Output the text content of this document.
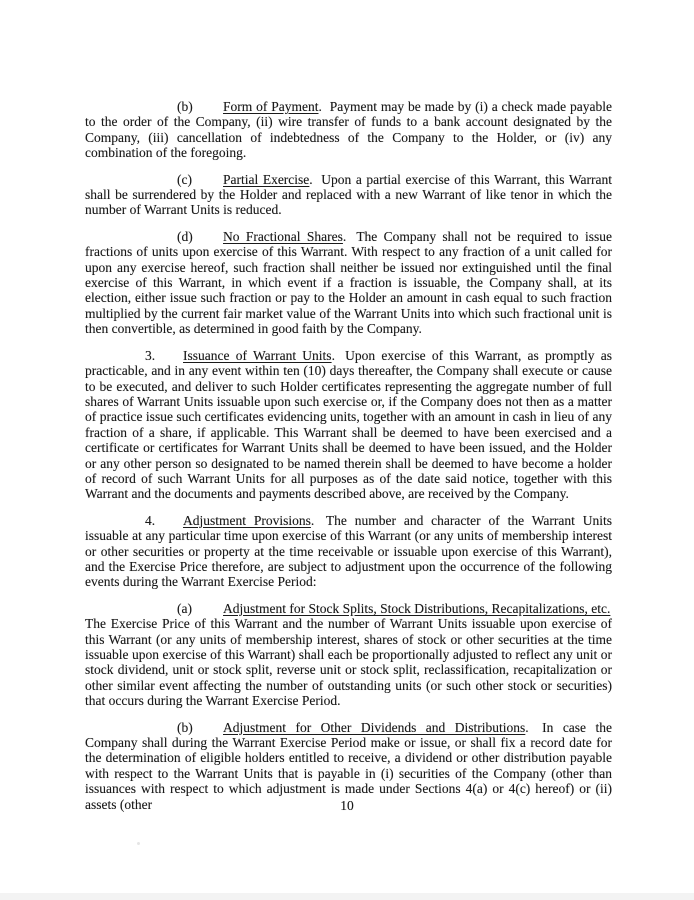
(b) Form of Payment. Payment may be made by (i) a check made payable to the order of the Company, (ii) wire transfer of funds to a bank account designated by the Company, (iii) cancellation of indebtedness of the Company to the Holder, or (iv) any combination of the foregoing.

(c) Partial Exercise. Upon a partial exercise of this Warrant, this Warrant shall be surrendered by the Holder and replaced with a new Warrant of like tenor in which the number of Warrant Units is reduced.

(d) No Fractional Shares. The Company shall not be required to issue fractions of units upon exercise of this Warrant. With respect to any fraction of a unit called for upon any exercise hereof, such fraction shall neither be issued nor extinguished until the final exercise of this Warrant, in which event if a fraction is issuable, the Company shall, at its election, either issue such fraction or pay to the Holder an amount in cash equal to such fraction multiplied by the current fair market value of the Warrant Units into which such fractional unit is then convertible, as determined in good faith by the Company.

3. Issuance of Warrant Units. Upon exercise of this Warrant, as promptly as practicable, and in any event within ten (10) days thereafter, the Company shall execute or cause to be executed, and deliver to such Holder certificates representing the aggregate number of full shares of Warrant Units issuable upon such exercise or, if the Company does not then as a matter of practice issue such certificates evidencing units, together with an amount in cash in lieu of any fraction of a share, if applicable. This Warrant shall be deemed to have been exercised and a certificate or certificates for Warrant Units shall be deemed to have been issued, and the Holder or any other person so designated to be named therein shall be deemed to have become a holder of record of such Warrant Units for all purposes as of the date said notice, together with this Warrant and the documents and payments described above, are received by the Company.

4. Adjustment Provisions. The number and character of the Warrant Units issuable at any particular time upon exercise of this Warrant (or any units of membership interest or other securities or property at the time receivable or issuable upon exercise of this Warrant), and the Exercise Price therefore, are subject to adjustment upon the occurrence of the following events during the Warrant Exercise Period:

(a) Adjustment for Stock Splits, Stock Distributions, Recapitalizations, etc. The Exercise Price of this Warrant and the number of Warrant Units issuable upon exercise of this Warrant (or any units of membership interest, shares of stock or other securities at the time issuable upon exercise of this Warrant) shall each be proportionally adjusted to reflect any unit or stock dividend, unit or stock split, reverse unit or stock split, reclassification, recapitalization or other similar event affecting the number of outstanding units (or such other stock or securities) that occurs during the Warrant Exercise Period.

(b) Adjustment for Other Dividends and Distributions. In case the Company shall during the Warrant Exercise Period make or issue, or shall fix a record date for the determination of eligible holders entitled to receive, a dividend or other distribution payable with respect to the Warrant Units that is payable in (i) securities of the Company (other than issuances with respect to which adjustment is made under Sections 4(a) or 4(c) hereof) or (ii) assets (other	10
